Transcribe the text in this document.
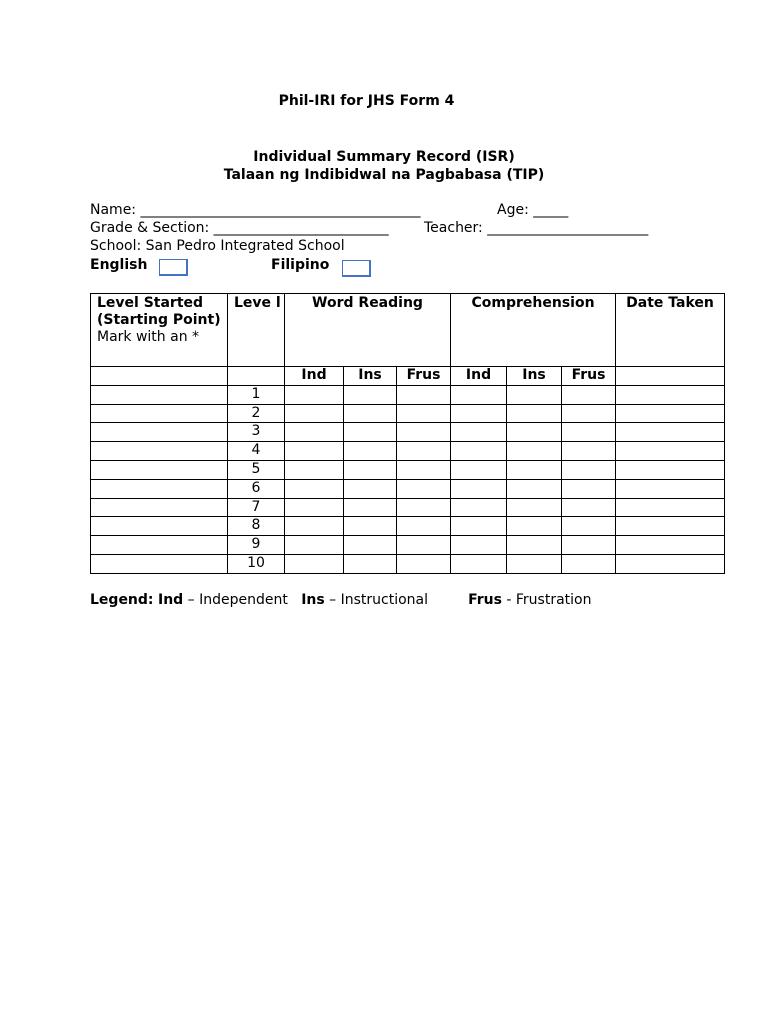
Phil-IRI for JHS Form 4
Individual Summary Record (ISR)
Talaan ng Indibidwal na Pagbabasa (TIP)
Name: ________________________________________	Age: _____
Grade & Section: _________________________	Teacher: _______________________
School: San Pedro Integrated School
English	Filipino
Level Started (Starting Point)
Mark with an *	Leve l	Word Reading			Comprehension			Date Taken
		Ind	Ins	Frus	Ind	Ins	Frus	
	1							
	2							
	3							
	4							
	5							
	6							
	7							
	8							
	9							
	10							
Legend: Ind – Independent   Ins – Instructional         Frus - Frustration
